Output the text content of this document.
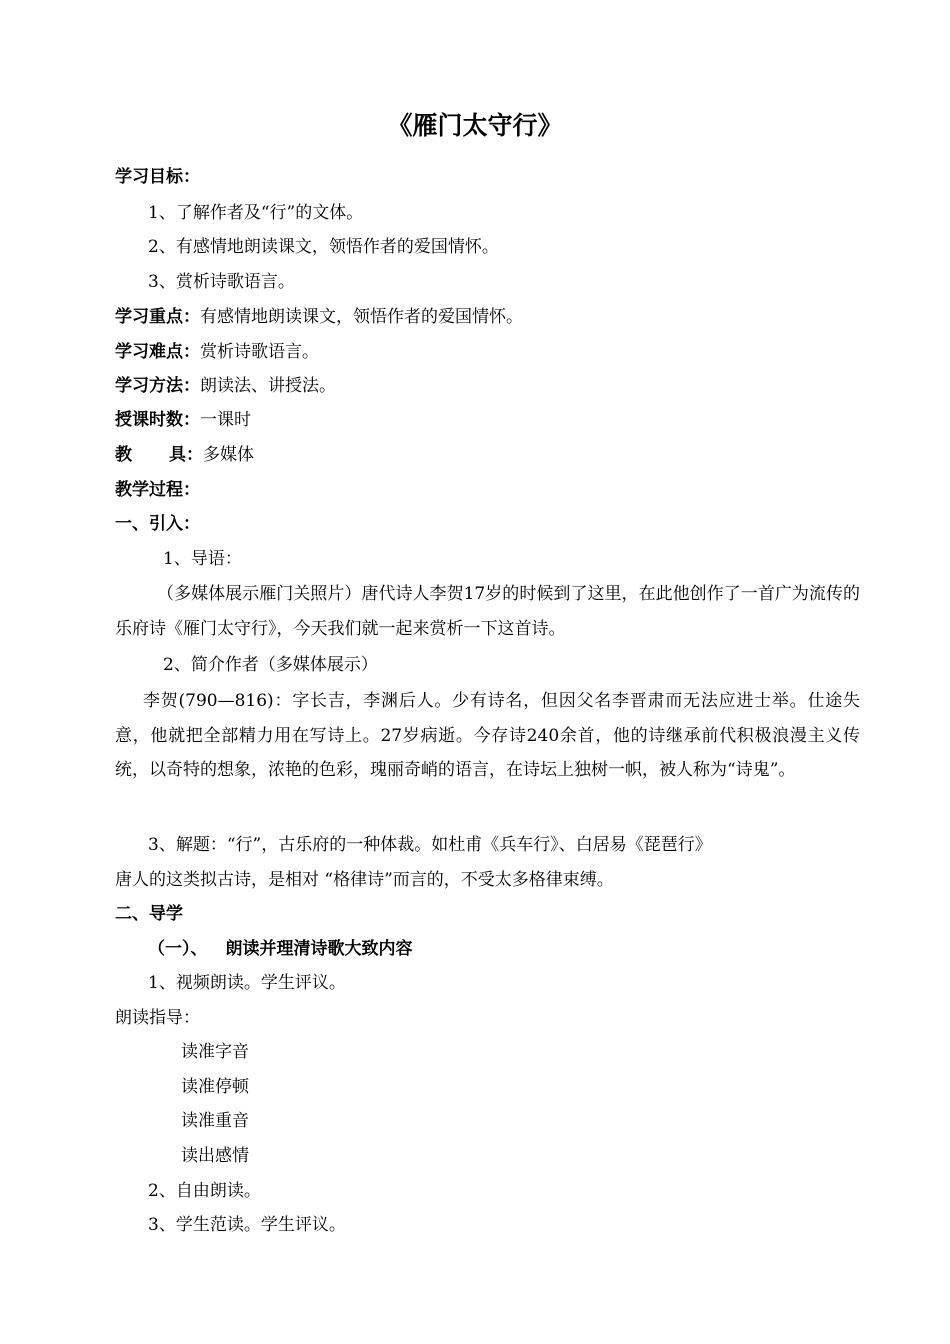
《雁门太守行》
学习目标：
1、了解作者及“行”的文体。
2、有感情地朗读课文，领悟作者的爱国情怀。
3、赏析诗歌语言。
学习重点：有感情地朗读课文，领悟作者的爱国情怀。
学习难点：赏析诗歌语言。
学习方法：朗读法、讲授法。
授课时数：一课时
教 具：多媒体
教学过程：
一、引入：
1、导语：
（多媒体展示雁门关照片）唐代诗人李贺17岁的时候到了这里，在此他创作了一首广为流传的乐府诗《雁门太守行》，今天我们就一起来赏析一下这首诗。
2、简介作者（多媒体展示）
李贺(790—816)：字长吉，李渊后人。少有诗名，但因父名李晋肃而无法应进士举。仕途失意，他就把全部精力用在写诗上。27岁病逝。今存诗240余首，他的诗继承前代积极浪漫主义传统，以奇特的想象，浓艳的色彩，瑰丽奇峭的语言，在诗坛上独树一帜，被人称为“诗鬼”。
3、解题：“行”，古乐府的一种体裁。如杜甫《兵车行》、白居易《琵琶行》
唐人的这类拟古诗，是相对 “格律诗”而言的，不受太多格律束缚。
二、导学
（一）、 朗读并理清诗歌大致内容
1、视频朗读。学生评议。
朗读指导：
读准字音
读准停顿
读准重音
读出感情
2、自由朗读。
3、学生范读。学生评议。
